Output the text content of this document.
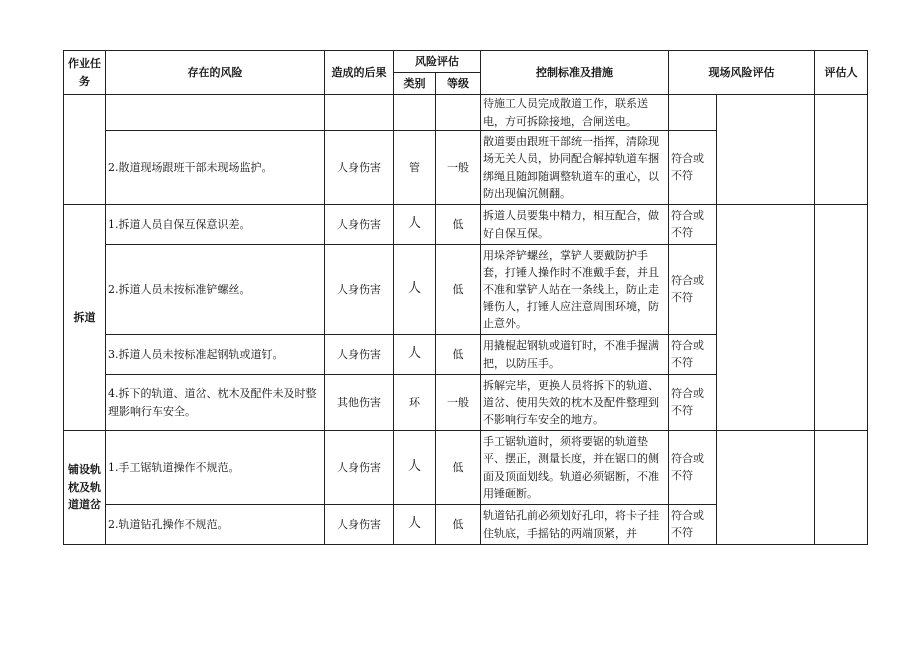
作业任务	存在的风险	造成的后果	风险评估		控制标准及措施	现场风险评估		评估人
			类别	等级				
					待施工人员完成散道工作，联系送电，方可拆除接地，合闸送电。			
	2.散道现场跟班干部未现场监护。	人身伤害	管	一般	散道要由跟班干部统一指挥，清除现场无关人员，协同配合解掉轨道车捆绑绳且随卸随调整轨道车的重心，以防出现偏沉侧翻。	符合或不符		
拆道	1.拆道人员自保互保意识差。	人身伤害	人	低	拆道人员要集中精力，相互配合，做好自保互保。	符合或不符		
	2.拆道人员未按标准铲螺丝。	人身伤害	人	低	用垛斧铲螺丝，掌铲人要戴防护手套，打锤人操作时不准戴手套，并且不准和掌铲人站在一条线上，防止走锤伤人，打锤人应注意周围环境，防止意外。	符合或不符		
	3.拆道人员未按标准起钢轨或道钉。	人身伤害	人	低	用撬棍起钢轨或道钉时，不准手握满把，以防压手。	符合或不符		
	4.拆下的轨道、道岔、枕木及配件未及时整理影响行车安全。	其他伤害	环	一般	拆解完毕，更换人员将拆下的轨道、道岔、使用失效的枕木及配件整理到不影响行车安全的地方。	符合或不符		
铺设轨枕及轨道道岔	1.手工锯轨道操作不规范。	人身伤害	人	低	手工锯轨道时，须将要锯的轨道垫平、摆正，测量长度，并在锯口的侧面及顶面划线。轨道必须锯断，不准用锤砸断。	符合或不符		
	2.轨道钻孔操作不规范。	人身伤害	人	低	轨道钻孔前必须划好孔印，将卡子挂住轨底，手摇钻的两端顶紧，并	符合或不符		
